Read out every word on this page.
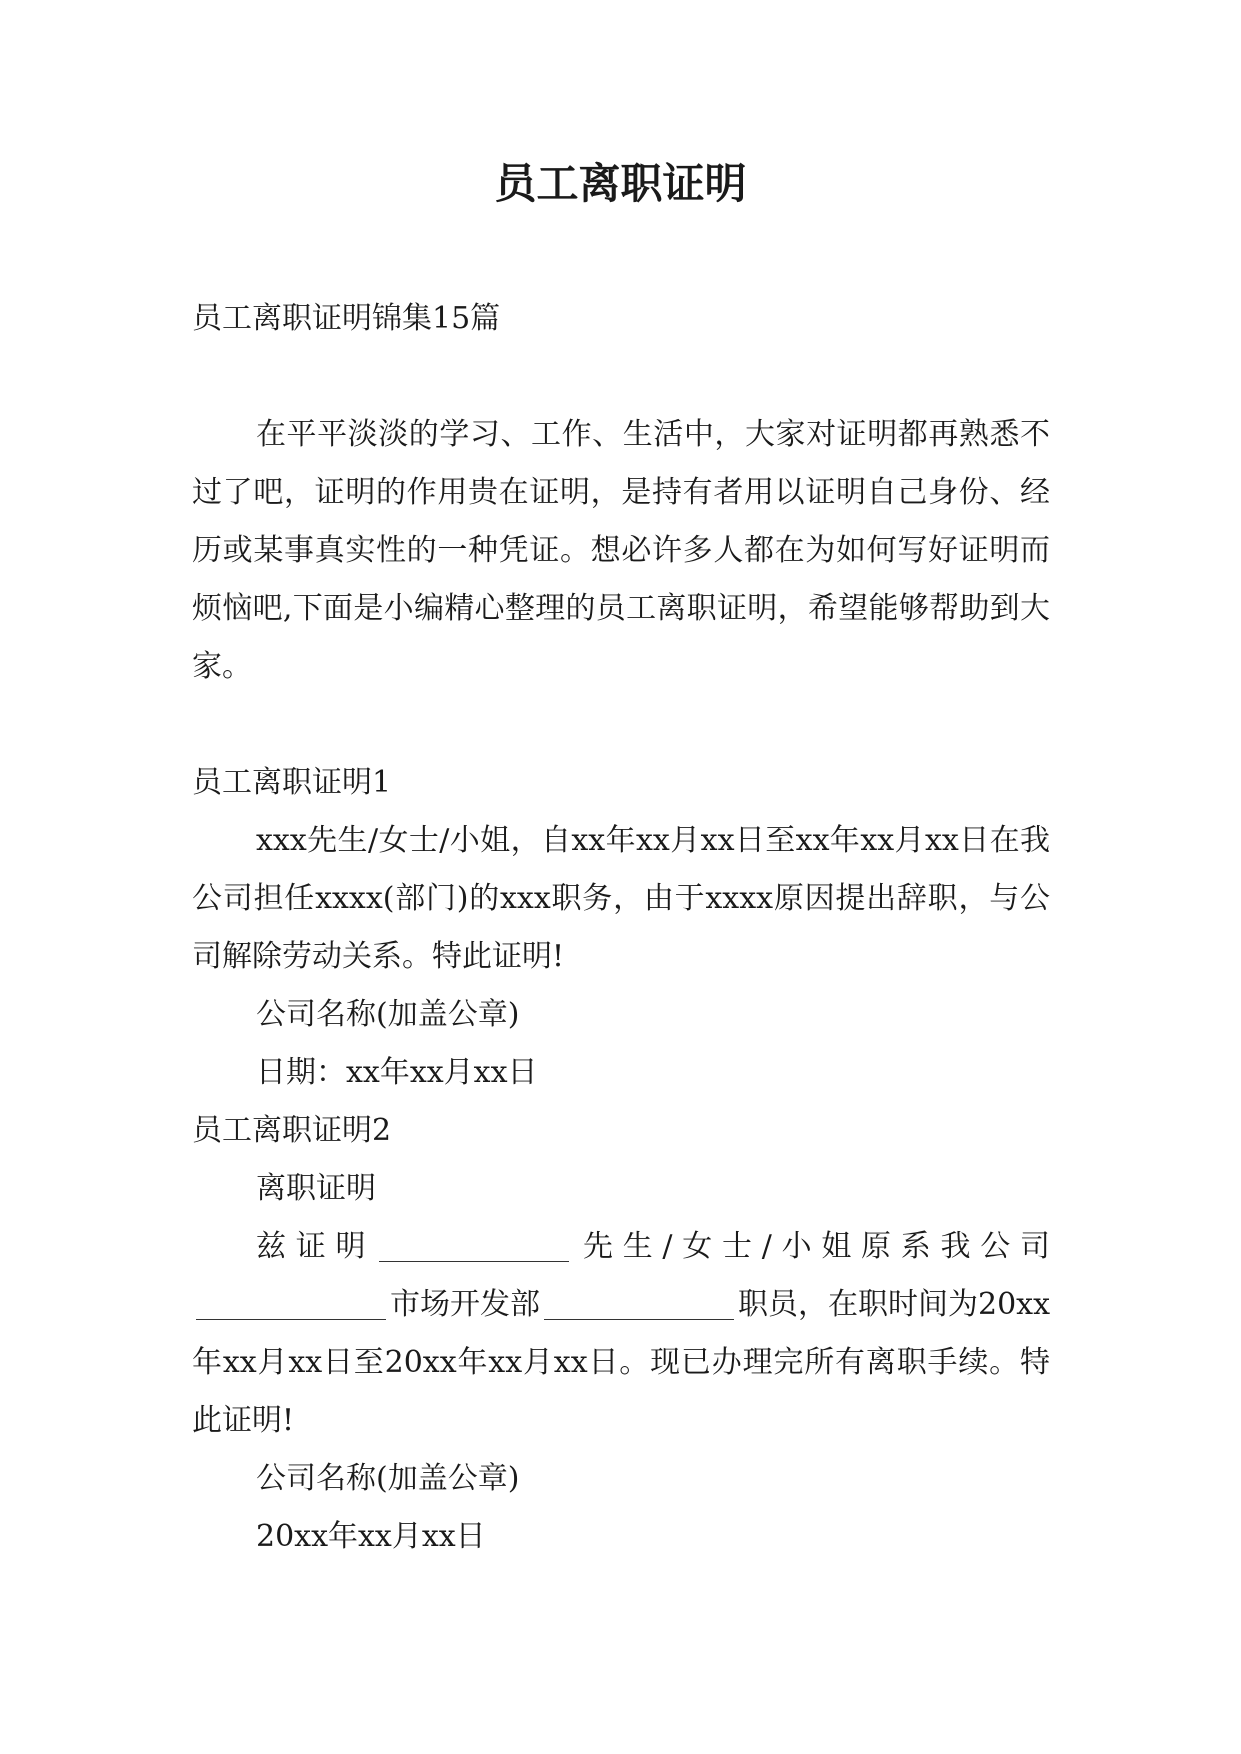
员工离职证明

员工离职证明锦集15篇

在平平淡淡的学习、工作、生活中，大家对证明都再熟悉不过了吧，证明的作用贵在证明，是持有者用以证明自己身份、经历或某事真实性的一种凭证。想必许多人都在为如何写好证明而烦恼吧,下面是小编精心整理的员工离职证明，希望能够帮助到大家。

员工离职证明1

xxx先生/女士/小姐，自xx年xx月xx日至xx年xx月xx日在我公司担任xxxx(部门)的xxx职务，由于xxxx原因提出辞职，与公司解除劳动关系。特此证明!

公司名称(加盖公章)

日期：xx年xx月xx日

员工离职证明2

离职证明

兹证明	先生/女士/小姐原系我公司市场开发部	职员，在职时间为20xx年xx月xx日至20xx年xx月xx日。现已办理完所有离职手续。特此证明!

公司名称(加盖公章)

20xx年xx月xx日
